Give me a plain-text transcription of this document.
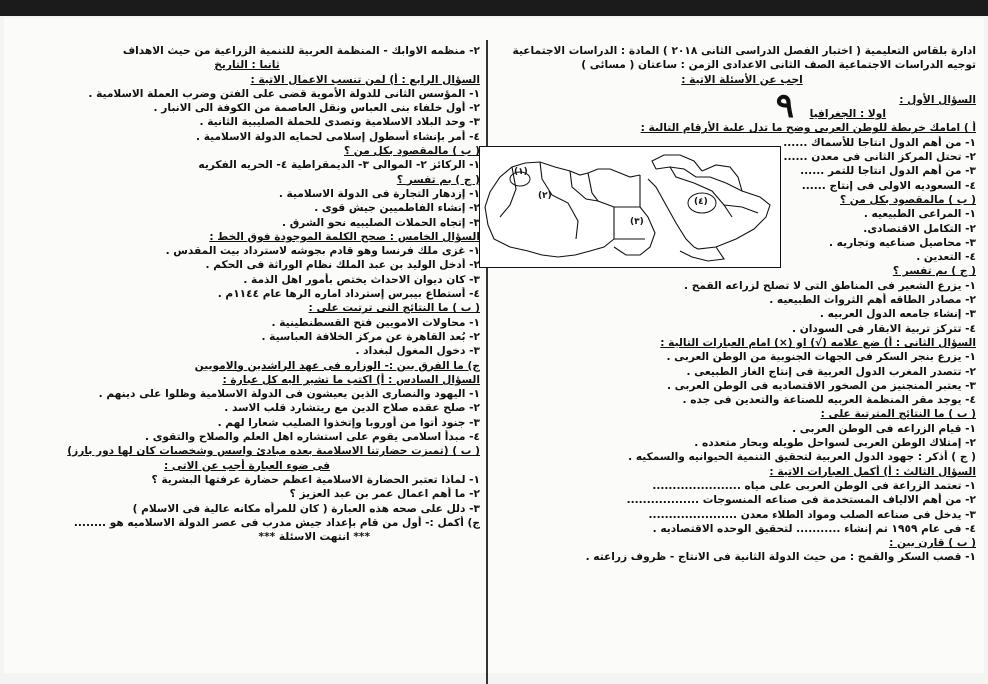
ادارة بلقاس التعليمية ( اختبار الفصل الدراسى الثانى ٢٠١٨ ) المادة : الدراسات الاجتماعية
توجيه الدراسات الاجتماعية الصف الثانى الاعدادى الزمن : ساعتان ( مسائى )
اجب عن الأسئلة الاتية :
السؤال الأول :
اولا : الجغرافيا
أ ) امامك خريطة للوطن العربى وضح ما تدل علية الأرقام التالية :
١- من أهم الدول انتاجا للأسماك ......
٢- تحتل المركز الثانى فى معدن ......
٣- من أهم الدول انتاجا للتمر ......
٤- السعوديه الاولى فى إنتاج ......
( ب ) مالمقصود بكل من ؟
١- المراعى الطبيعيه .
٢- التكامل الاقتصادى.
٣- محاصيل صناعيه وتجاريه .
٤- التعدين .
( ج ) بم تفسر ؟
١- يزرع الشعير فى المناطق التى لا تصلح لزراعه القمح .
٢- مصادر الطاقه أهم الثروات الطبيعيه .
٣- إنشاء جامعه الدول العربيه .
٤- تتركز تربية الابقار فى السودان .
السؤال الثانى : أ) ضع علامه (√) او (×) امام العبارات التالية :
١- يزرع بنجر السكر فى الجهات الجنوبية من الوطن العربى .
٢- تتصدر المغرب الدول العربية فى إنتاج الغاز الطبيعى .
٣- يعتبر المنجنيز من الصخور الاقتصاديه فى الوطن العربى .
٤- يوجد مقر المنظمة العربيه للصناعة والتعدين فى جده .
( ب ) ما النتائج المترتبة على :
١- قيام الزراعه فى الوطن العربى .
٢- إمتلاك الوطن العربى لسواحل طويله وبحار متعدده .
( ج ) أذكر : جهود الدول العربية لتحقيق التنمية الحيوانيه والسمكيه .
السؤال الثالث : أ) أكمل العبارات الاتية :
١- تعتمد الزراعة فى الوطن العربى على مياه ......................
٢- من أهم الالياف المستخدمة فى صناعه المنسوجات ..................
٣- يدخل فى صناعه الصلب ومواد الطلاء معدن ......................
٤- فى عام ١٩٥٩ تم إنشاء ........... لتحقيق الوحده الاقتصاديه .
( ب ) قارن بين :
١- قصب السكر والقمح : من حيث الدولة الثانية فى الانتاج - ظروف زراعته .
٩
(١)
(٢)
(٣)
(٤)
٢- منظمه الاوابك - المنظمة العربية للتنمية الزراعية من حيث الاهداف
ثانيا : التاريخ
السؤال الرابع : أ) لمن تنسب الاعمال الاتية :
١- المؤسس الثانى للدولة الأموية قضى على الفتن وضرب العملة الاسلامية .
٢- أول خلفاء بنى العباس ونقل العاصمة من الكوفة الى الانبار .
٣- وحد البلاد الاسلامية وتصدى للحملة الصليبية الثانية .
٤- أمر بإنشاء أسطول إسلامى لحمايه الدولة الاسلامية .
( ب ) مالمقصود بكل من ؟
١- الركائز ٢- الموالى ٣- الديمقراطية ٤- الحريه الفكريه
( ج ) بم تفسر ؟
١- إزدهار التجارة فى الدولة الاسلامية .
٢- إنشاء الفاطميين جيش قوى .
٣- إتجاه الحملات الصليبيه نحو الشرق .
السؤال الخامس : صحح الكلمة الموجودة فوق الخط :
١- غزى ملك فرنسا وهو قادم بجوشه لاسترداد بيت المقدس .
٢- أدخل الوليد بن عبد الملك نظام الوراثة فى الحكم .
٣- كان ديوان الاحداث يختص بأمور اهل الذمة .
٤- أستطاع بيبرس إسترداد اماره الرها عام ١١٤٤م .
( ب ) ما النتائج التى ترتبت على :
١- محاولات الامويين فتح القسطنطينية .
٢- بُعد القاهرة عن مركز الخلافة العباسية .
٣- دخول المغول لبغداد .
ج) ما الفرق بين :- الوزاره فى عهد الراشدين والامويين
السؤال السادس : أ) اكتب ما تشير اليه كل عبارة :
١- اليهود والنصارى الذين يعيشون فى الدولة الاسلامية وظلوا على دينهم .
٢- صلح عقده صلاح الدين مع ريتشارد قلب الاسد .
٣- جنود أتوا من أوروبا وإتخذوا الصليب شعارا لهم .
٤- مبدأ اسلامى يقوم على استشاره اهل العلم والصلاح والتقوى .
( ب ) (تميزت حضارتنا الاسلامية بعده مبادئ واسس وشخصيات كان لها دور بارز)
فى ضوء العبارة أجب عن الاتى :
١- لماذا تعتبر الحضارة الاسلامية اعظم حضارة عرفتها البشرية ؟
٢- ما أهم اعمال عمر بن عبد العزيز ؟
٣- دلل على صحه هذه العبارة ( كان للمرأه مكانه عالية فى الاسلام )
ج) أكمل :- أول من قام بإعداد جيش مدرب فى عصر الدولة الاسلاميه هو ........
*** انتهت الاسئلة ***
